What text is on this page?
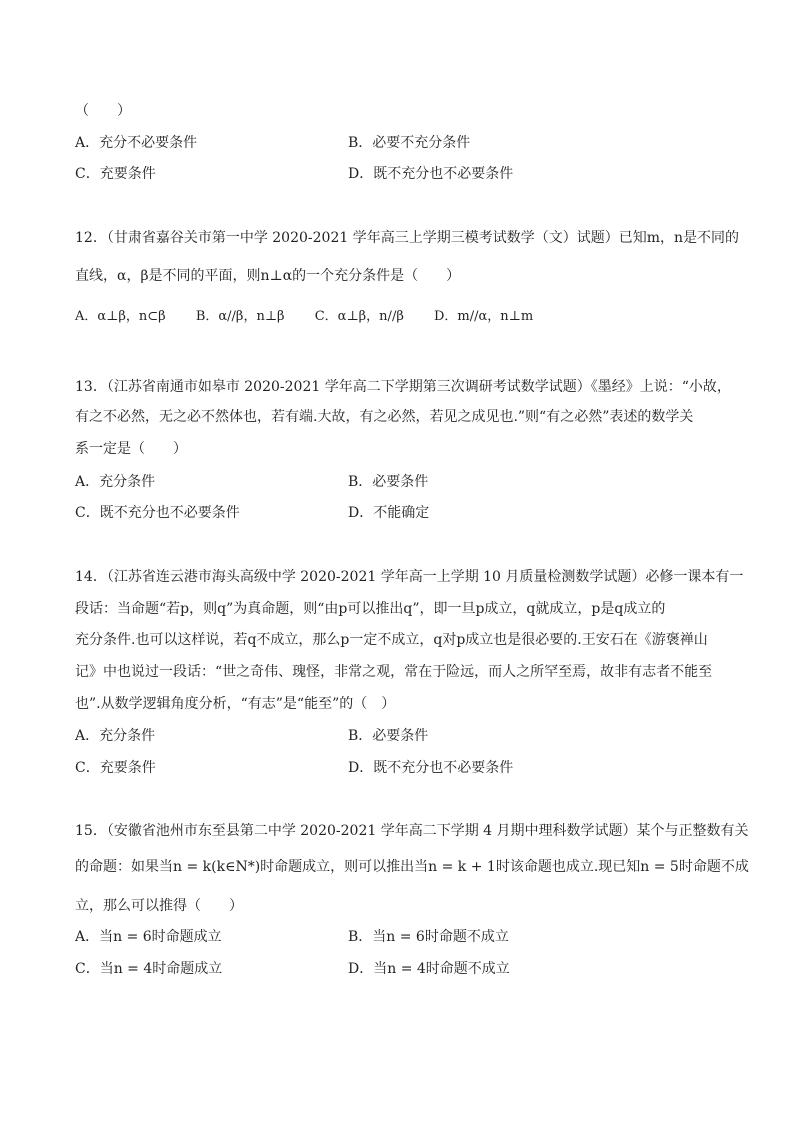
（　　）
A．充分不必要条件	B．必要不充分条件
C．充要条件	D．既不充分也不必要条件
12．（甘肃省嘉谷关市第一中学 2020-2021 学年高三上学期三模考试数学（文）试题）已知m，n是不同的
直线，α，β是不同的平面，则n⊥α的一个充分条件是（　　）
A．α⊥β，n⊂β B．α//β，n⊥β C．α⊥β，n//β D．m//α，n⊥m
13．（江苏省南通市如皋市 2020-2021 学年高二下学期第三次调研考试数学试题）《墨经》上说：“小故，
有之不必然，无之必不然体也，若有端.大故，有之必然，若见之成见也.”则“有之必然”表述的数学关
系一定是（　　）
A．充分条件	B．必要条件
C．既不充分也不必要条件	D．不能确定
14．（江苏省连云港市海头高级中学 2020-2021 学年高一上学期 10 月质量检测数学试题）必修一课本有一
段话：当命题“若p，则q”为真命题，则“由p可以推出q”，即一旦p成立，q就成立，p是q成立的
充分条件.也可以这样说，若q不成立，那么p一定不成立，q对p成立也是很必要的.王安石在《游褒禅山
记》中也说过一段话：“世之奇伟、瑰怪，非常之观，常在于险远，而人之所罕至焉，故非有志者不能至
也”.从数学逻辑角度分析，“有志”是“能至”的（　）
A．充分条件	B．必要条件
C．充要条件	D．既不充分也不必要条件
15．（安徽省池州市东至县第二中学 2020-2021 学年高二下学期 4 月期中理科数学试题）某个与正整数有关
的命题：如果当n = k(k∈N*)时命题成立，则可以推出当n = k + 1时该命题也成立.现已知n = 5时命题不成
立，那么可以推得（　　）
A．当n = 6时命题成立	B．当n = 6时命题不成立
C．当n = 4时命题成立	D．当n = 4时命题不成立
